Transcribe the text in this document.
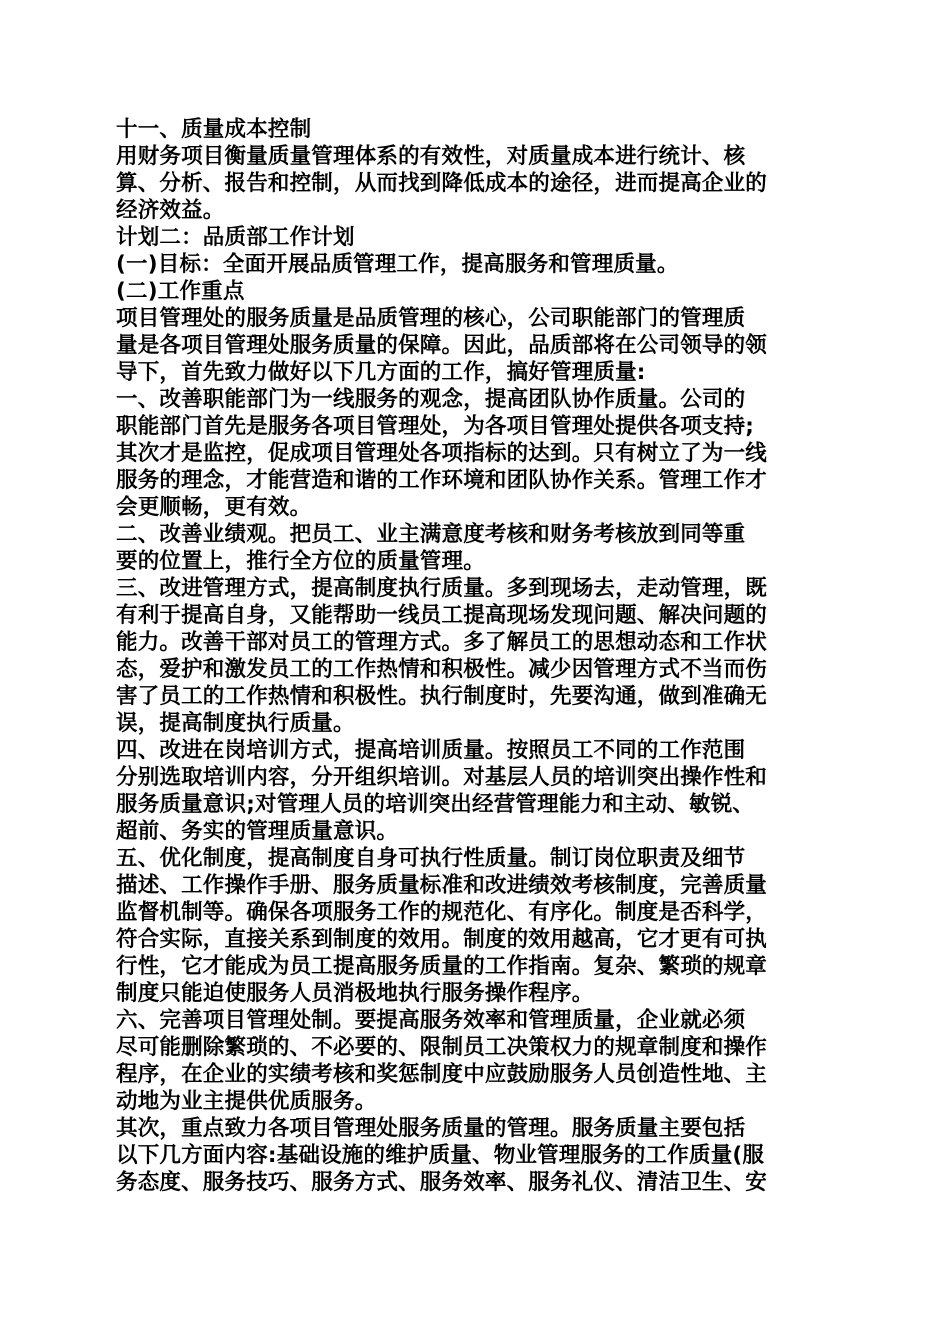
十一、质量成本控制
用财务项目衡量质量管理体系的有效性，对质量成本进行统计、核
算、分析、报告和控制，从而找到降低成本的途径，进而提高企业的
经济效益。
计划二：品质部工作计划
(一)目标：全面开展品质管理工作，提高服务和管理质量。
(二)工作重点
项目管理处的服务质量是品质管理的核心，公司职能部门的管理质
量是各项目管理处服务质量的保障。因此，品质部将在公司领导的领
导下，首先致力做好以下几方面的工作，搞好管理质量:
一、改善职能部门为一线服务的观念，提高团队协作质量。公司的
职能部门首先是服务各项目管理处，为各项目管理处提供各项支持;
其次才是监控，促成项目管理处各项指标的达到。只有树立了为一线
服务的理念，才能营造和谐的工作环境和团队协作关系。管理工作才
会更顺畅，更有效。
二、改善业绩观。把员工、业主满意度考核和财务考核放到同等重
要的位置上，推行全方位的质量管理。
三、改进管理方式，提高制度执行质量。多到现场去，走动管理，既
有利于提高自身，又能帮助一线员工提高现场发现问题、解决问题的
能力。改善干部对员工的管理方式。多了解员工的思想动态和工作状
态，爱护和激发员工的工作热情和积极性。减少因管理方式不当而伤
害了员工的工作热情和积极性。执行制度时，先要沟通，做到准确无
误，提高制度执行质量。
四、改进在岗培训方式，提高培训质量。按照员工不同的工作范围
分别选取培训内容，分开组织培训。对基层人员的培训突出操作性和
服务质量意识;对管理人员的培训突出经营管理能力和主动、敏锐、
超前、务实的管理质量意识。
五、优化制度，提高制度自身可执行性质量。制订岗位职责及细节
描述、工作操作手册、服务质量标准和改进绩效考核制度，完善质量
监督机制等。确保各项服务工作的规范化、有序化。制度是否科学，
符合实际，直接关系到制度的效用。制度的效用越高，它才更有可执
行性，它才能成为员工提高服务质量的工作指南。复杂、繁琐的规章
制度只能迫使服务人员消极地执行服务操作程序。
六、完善项目管理处制。要提高服务效率和管理质量，企业就必须
尽可能删除繁琐的、不必要的、限制员工决策权力的规章制度和操作
程序，在企业的实绩考核和奖惩制度中应鼓励服务人员创造性地、主
动地为业主提供优质服务。
其次，重点致力各项目管理处服务质量的管理。服务质量主要包括
以下几方面内容:基础设施的维护质量、物业管理服务的工作质量(服
务态度、服务技巧、服务方式、服务效率、服务礼仪、清洁卫生、安
